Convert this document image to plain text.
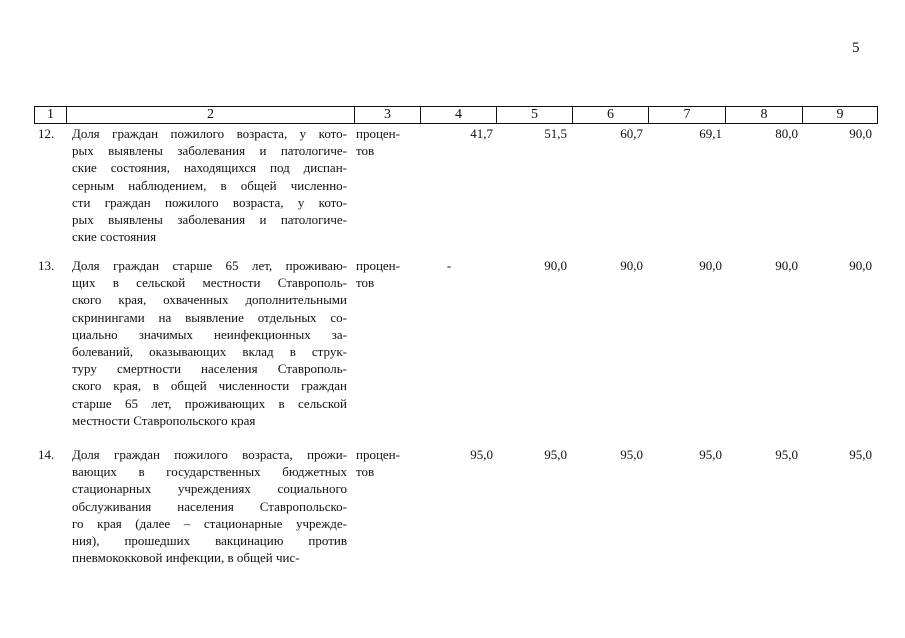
5
1	2	3	4	5	6	7	8	9
12.	Доля граждан пожилого возраста, у кото-
рых выявлены заболевания и патологиче-
ские состояния, находящихся под диспан-
серным наблюдением, в общей численно-
сти граждан пожилого возраста, у кото-
рых выявлены заболевания и патологиче-
ские состояния
процен-
тов
41,7	51,5	60,7	69,1	80,0	90,0
13.	Доля граждан старше 65 лет, проживаю-
щих в сельской местности Ставрополь-
ского края, охваченных дополнительными
скринингами на выявление отдельных со-
циально значимых неинфекционных за-
болеваний, оказывающих вклад в струк-
туру смертности населения Ставрополь-
ского края, в общей численности граждан
старше 65 лет, проживающих в сельской
местности Ставропольского края
процен-
тов
-	90,0	90,0	90,0	90,0	90,0
14.	Доля граждан пожилого возраста, прожи-
вающих в государственных бюджетных
стационарных учреждениях социального
обслуживания населения Ставропольско-
го края (далее – стационарные учрежде-
ния), прошедших вакцинацию против
пневмококковой инфекции, в общей чис-
процен-
тов
95,0	95,0	95,0	95,0	95,0	95,0
